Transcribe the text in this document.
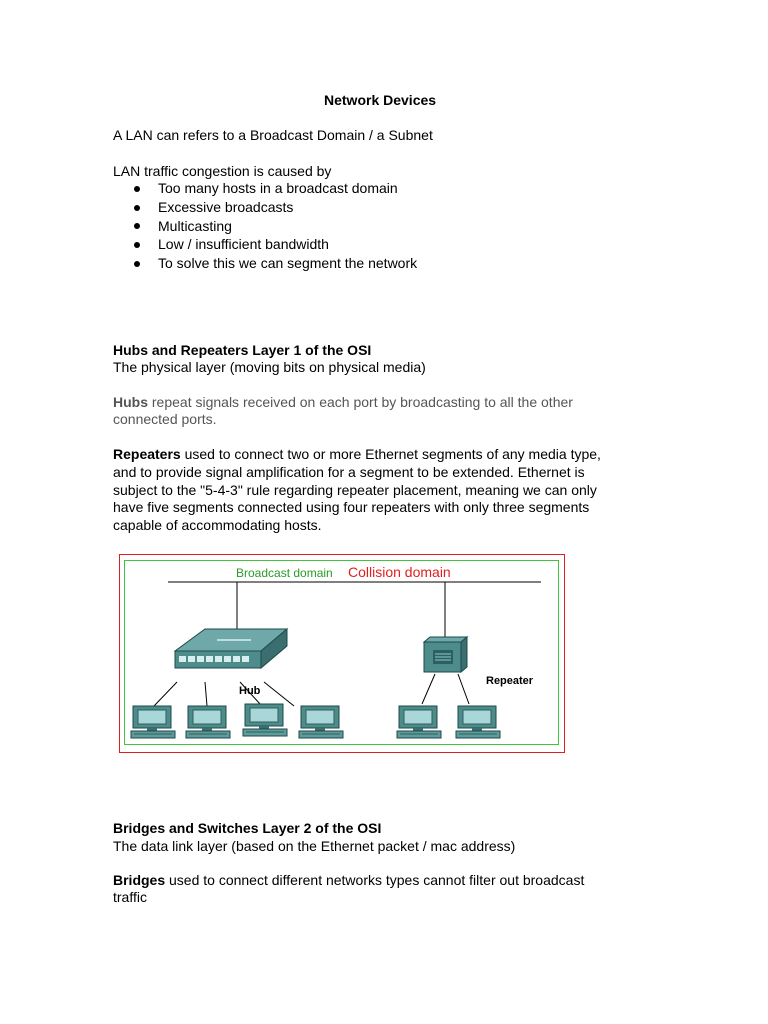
Network Devices
A LAN can refers to a Broadcast Domain / a Subnet
LAN traffic congestion is caused by
Too many hosts in a broadcast domain
Excessive broadcasts
Multicasting
Low / insufficient bandwidth
To solve this we can segment the network
Hubs and Repeaters Layer 1 of the OSI
The physical layer (moving bits on physical media)
Hubs repeat signals received on each port by broadcasting to all the other
connected ports.
Repeaters used to connect two or more Ethernet segments of any media type,
and to provide signal amplification for a segment to be extended. Ethernet is
subject to the "5-4-3" rule regarding repeater placement, meaning we can only
have five segments connected using four repeaters with only three segments
capable of accommodating hosts.
Broadcast domain Collision domain
Hub
Repeater
Bridges and Switches Layer 2 of the OSI
The data link layer (based on the Ethernet packet / mac address)
Bridges used to connect different networks types cannot filter out broadcast
traffic
